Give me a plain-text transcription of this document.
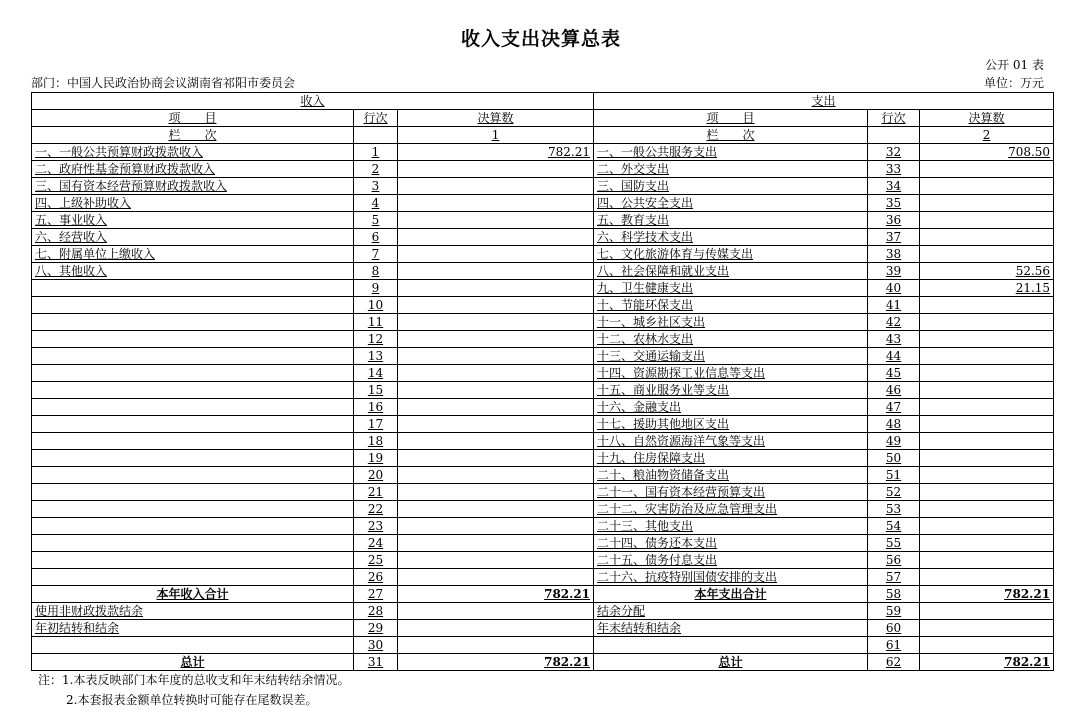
收入支出决算总表
公开 01 表
部门：中国人民政治协商会议湖南省祁阳市委员会	单位：万元
收入			支出		
项　　目	行次	决算数	项　　目	行次	决算数
栏　　次		1	栏　　次		2
一、一般公共预算财政拨款收入	1	782.21	一、一般公共服务支出	32	708.50
二、政府性基金预算财政拨款收入	2		二、外交支出	33	
三、国有资本经营预算财政拨款收入	3		三、国防支出	34	
四、上级补助收入	4		四、公共安全支出	35	
五、事业收入	5		五、教育支出	36	
六、经营收入	6		六、科学技术支出	37	
七、附属单位上缴收入	7		七、文化旅游体育与传媒支出	38	
八、其他收入	8		八、社会保障和就业支出	39	52.56
	9		九、卫生健康支出	40	21.15
	10		十、节能环保支出	41	
	11		十一、城乡社区支出	42	
	12		十二、农林水支出	43	
	13		十三、交通运输支出	44	
	14		十四、资源勘探工业信息等支出	45	
	15		十五、商业服务业等支出	46	
	16		十六、金融支出	47	
	17		十七、援助其他地区支出	48	
	18		十八、自然资源海洋气象等支出	49	
	19		十九、住房保障支出	50	
	20		二十、粮油物资储备支出	51	
	21		二十一、国有资本经营预算支出	52	
	22		二十二、灾害防治及应急管理支出	53	
	23		二十三、其他支出	54	
	24		二十四、债务还本支出	55	
	25		二十五、债务付息支出	56	
	26		二十六、抗疫特别国债安排的支出	57	
本年收入合计	27	782.21	本年支出合计	58	782.21
使用非财政拨款结余	28		结余分配	59	
年初结转和结余	29		年末结转和结余	60	
	30			61	
总计	31	782.21	总计	62	782.21
注：1.本表反映部门本年度的总收支和年末结转结余情况。
2.本套报表金额单位转换时可能存在尾数误差。
